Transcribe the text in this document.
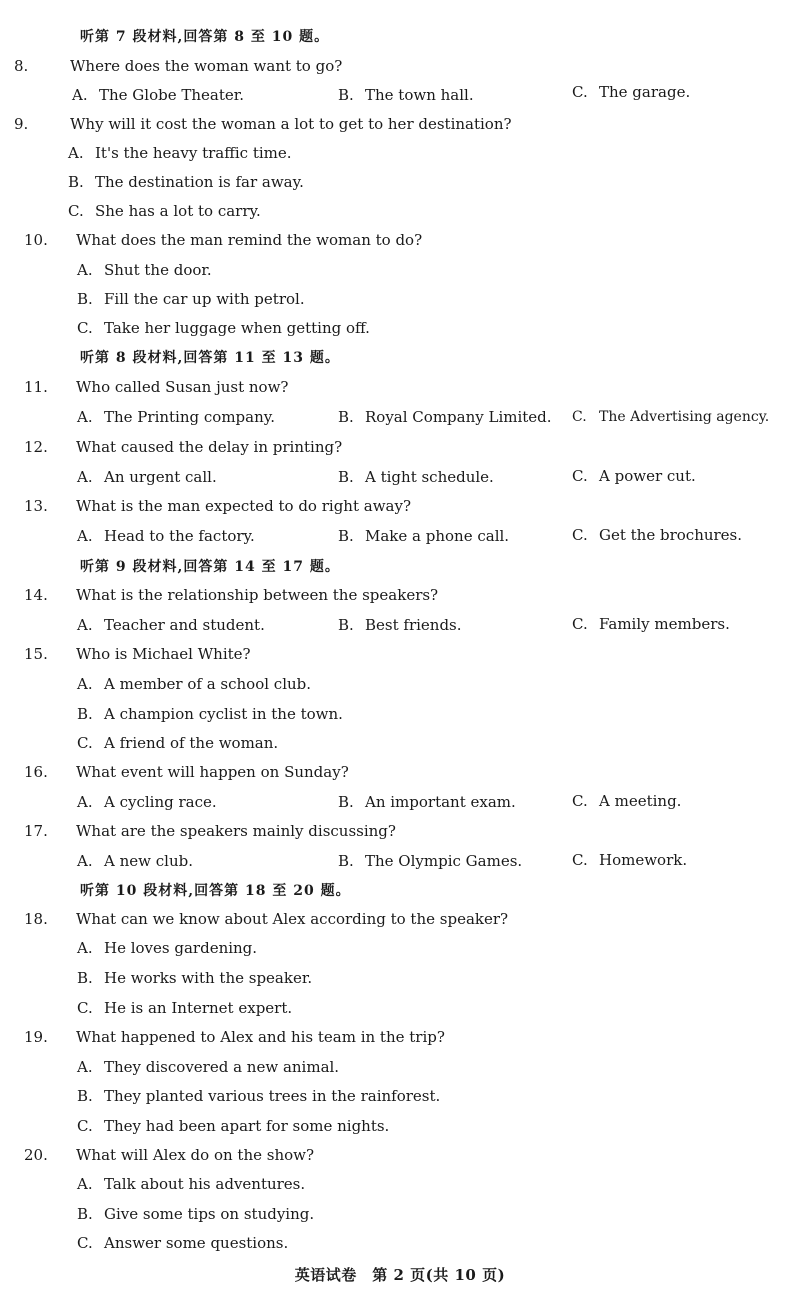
听第 7 段材料,回答第 8 至 10 题。
8.	Where does the woman want to go?
A. The Globe Theater.	B. The town hall.	C. The garage.
9.	Why will it cost the woman a lot to get to her destination?
A. It's the heavy traffic time.
B. The destination is far away.
C. She has a lot to carry.
10. What does the man remind the woman to do?
A. Shut the door.
B. Fill the car up with petrol.
C. Take her luggage when getting off.
听第 8 段材料,回答第 11 至 13 题。
11. Who called Susan just now?
A. The Printing company.	B. Royal Company Limited. C. The Advertising agency.
12. What caused the delay in printing?
A. An urgent call.	B. A tight schedule.	C. A power cut.
13. What is the man expected to do right away?
A. Head to the factory.	B. Make a phone call.	C. Get the brochures.
听第 9 段材料,回答第 14 至 17 题。
14. What is the relationship between the speakers?
A. Teacher and student.	B. Best friends.	C. Family members.
15. Who is Michael White?
A. A member of a school club.
B. A champion cyclist in the town.
C. A friend of the woman.
16. What event will happen on Sunday?
A. A cycling race.	B. An important exam.	C. A meeting.
17. What are the speakers mainly discussing?
A. A new club.	B. The Olympic Games.	C. Homework.
听第 10 段材料,回答第 18 至 20 题。
18. What can we know about Alex according to the speaker?
A. He loves gardening.
B. He works with the speaker.
C. He is an Internet expert.
19. What happened to Alex and his team in the trip?
A. They discovered a new animal.
B. They planted various trees in the rainforest.
C. They had been apart for some nights.
20. What will Alex do on the show?
A. Talk about his adventures.
B. Give some tips on studying.
C. Answer some questions.
英语试卷　第 2 页(共 10 页)
